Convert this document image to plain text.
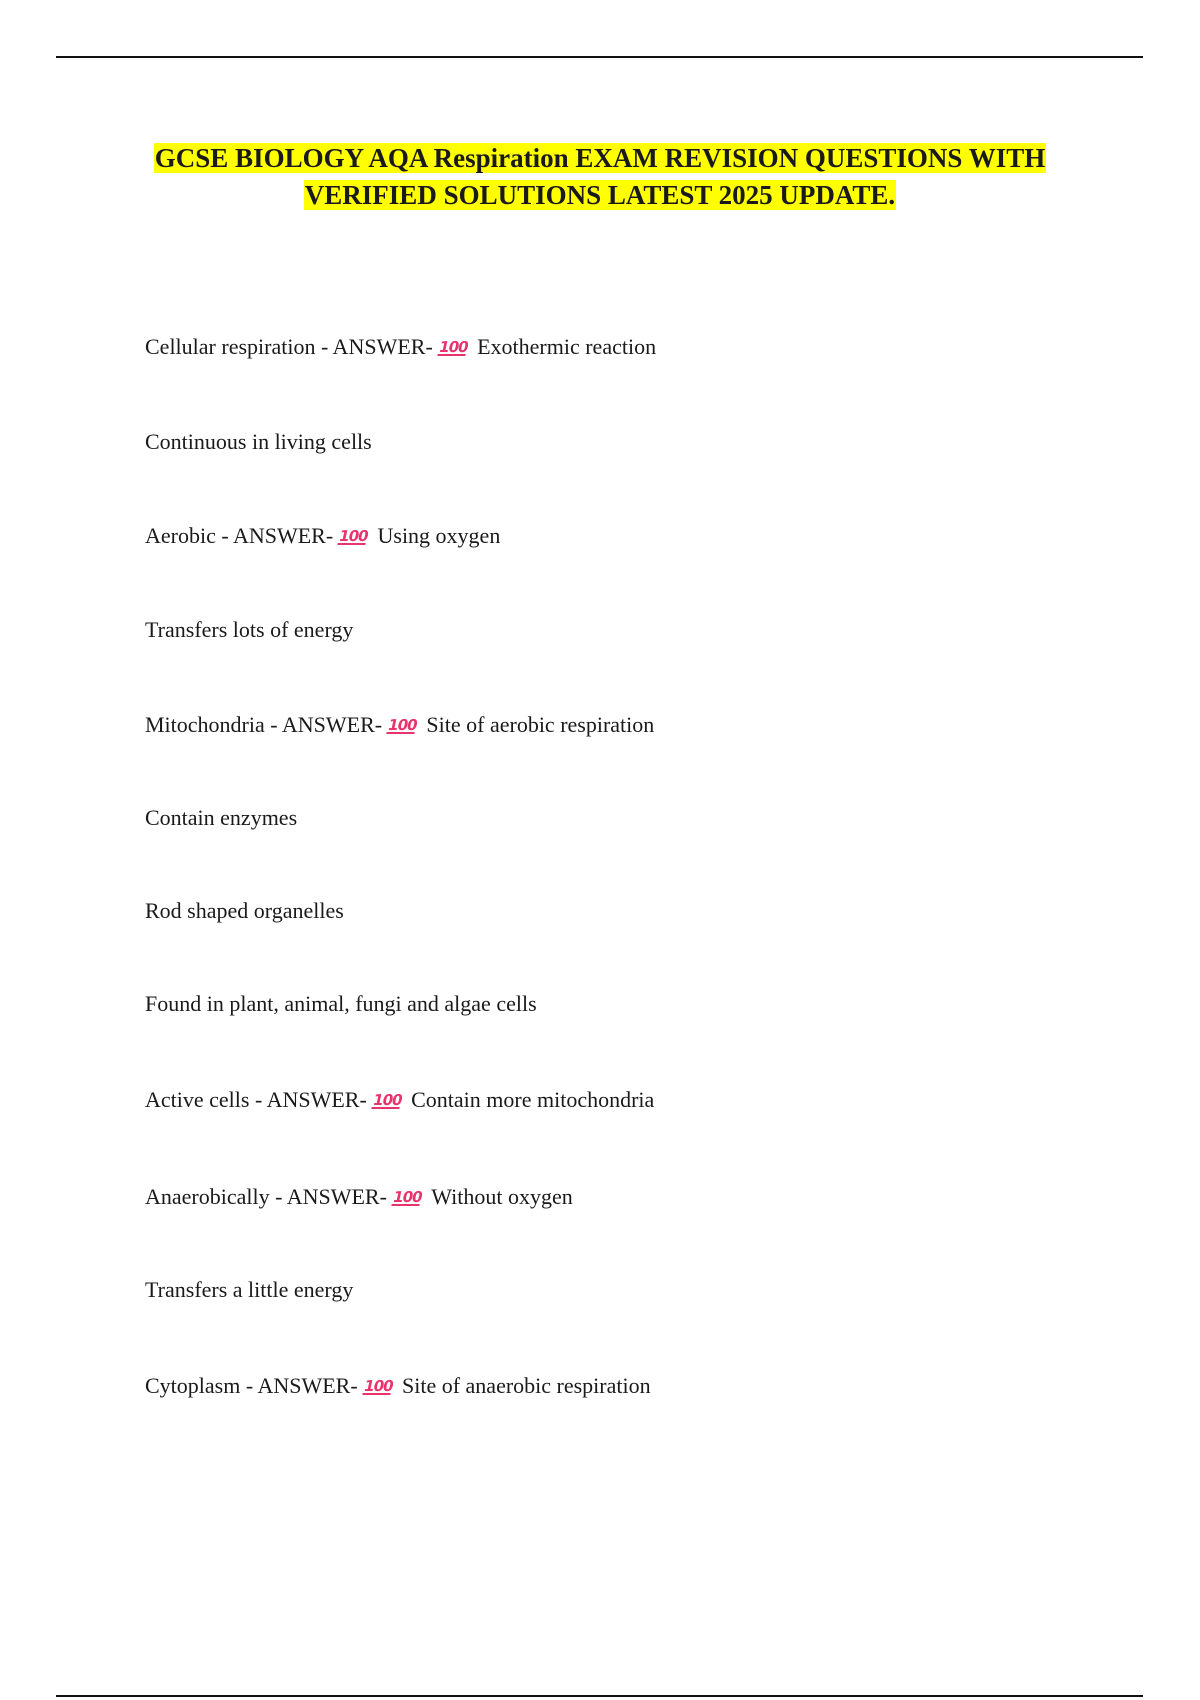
GCSE BIOLOGY AQA Respiration EXAM REVISION QUESTIONS WITH
VERIFIED SOLUTIONS LATEST 2025 UPDATE.
Cellular respiration - ANSWER- 100 Exothermic reaction
Continuous in living cells
Aerobic - ANSWER- 100 Using oxygen
Transfers lots of energy
Mitochondria - ANSWER- 100 Site of aerobic respiration
Contain enzymes
Rod shaped organelles
Found in plant, animal, fungi and algae cells
Active cells - ANSWER- 100 Contain more mitochondria
Anaerobically - ANSWER- 100 Without oxygen
Transfers a little energy
Cytoplasm - ANSWER- 100 Site of anaerobic respiration
